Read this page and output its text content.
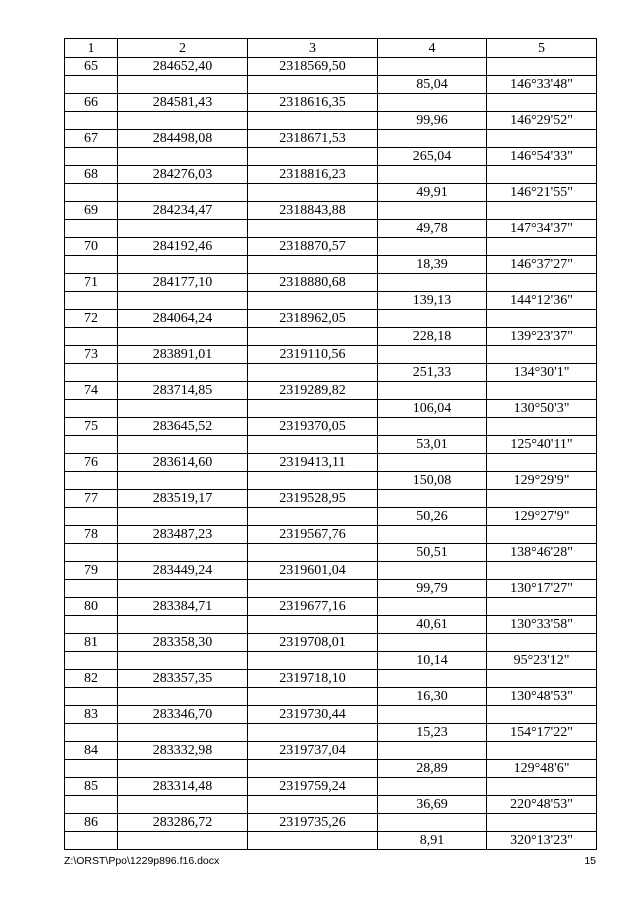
1	2	3	4	5
65	284652,40	2318569,50		
			85,04	146°33'48"
66	284581,43	2318616,35		
			99,96	146°29'52"
67	284498,08	2318671,53		
			265,04	146°54'33"
68	284276,03	2318816,23		
			49,91	146°21'55"
69	284234,47	2318843,88		
			49,78	147°34'37"
70	284192,46	2318870,57		
			18,39	146°37'27"
71	284177,10	2318880,68		
			139,13	144°12'36"
72	284064,24	2318962,05		
			228,18	139°23'37"
73	283891,01	2319110,56		
			251,33	134°30'1"
74	283714,85	2319289,82		
			106,04	130°50'3"
75	283645,52	2319370,05		
			53,01	125°40'11"
76	283614,60	2319413,11		
			150,08	129°29'9"
77	283519,17	2319528,95		
			50,26	129°27'9"
78	283487,23	2319567,76		
			50,51	138°46'28"
79	283449,24	2319601,04		
			99,79	130°17'27"
80	283384,71	2319677,16		
			40,61	130°33'58"
81	283358,30	2319708,01		
			10,14	95°23'12"
82	283357,35	2319718,10		
			16,30	130°48'53"
83	283346,70	2319730,44		
			15,23	154°17'22"
84	283332,98	2319737,04		
			28,89	129°48'6"
85	283314,48	2319759,24		
			36,69	220°48'53"
86	283286,72	2319735,26		
			8,91	320°13'23"
Z:\ORST\Ppo\1229p896.f16.docx	15
